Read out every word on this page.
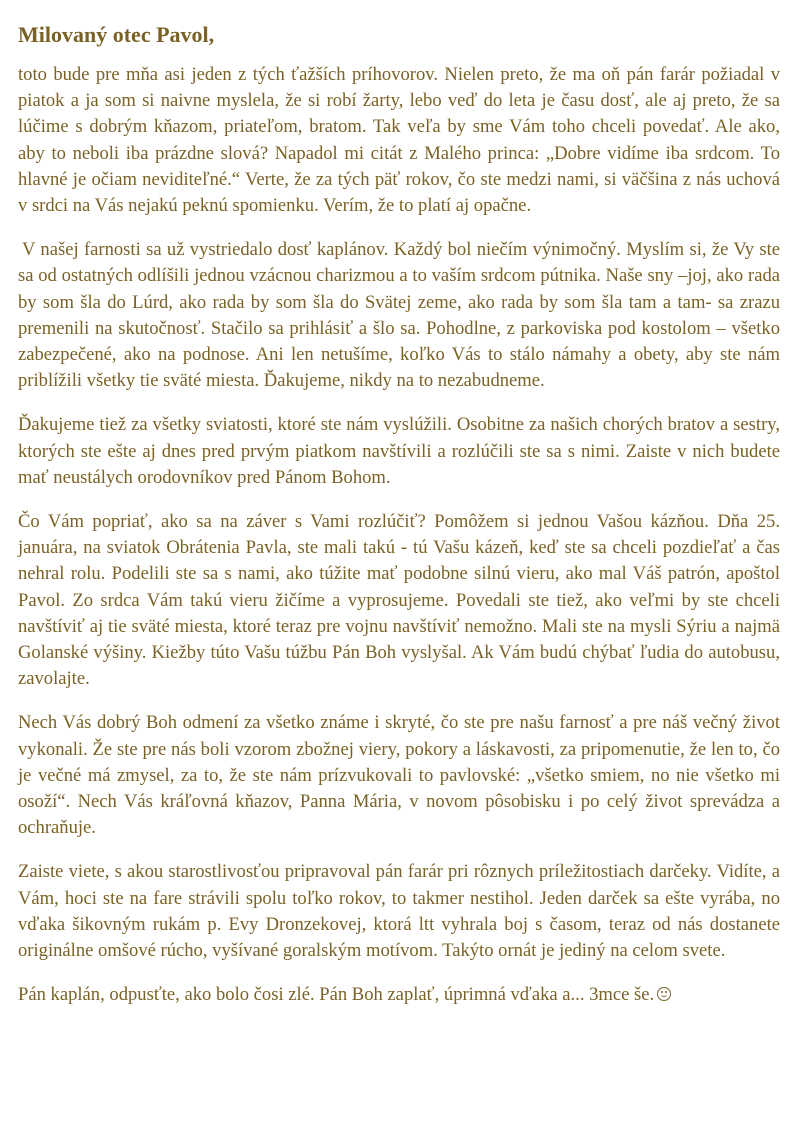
Milovaný otec Pavol,

toto bude pre mňa asi jeden z tých ťažších príhovorov. Nielen preto, že ma oň pán farár požiadal v piatok a ja som si naivne myslela, že si robí žarty, lebo veď do leta je času dosť, ale aj preto, že sa lúčime s dobrým kňazom, priateľom, bratom. Tak veľa by sme Vám toho chceli povedať. Ale ako, aby to neboli iba prázdne slová? Napadol mi citát z Malého princa: „Dobre vidíme iba srdcom. To hlavné je očiam neviditeľné.“ Verte, že za tých päť rokov, čo ste medzi nami, si väčšina z nás uchová v srdci na Vás nejakú peknú spomienku. Verím, že to platí aj opačne.

V našej farnosti sa už vystriedalo dosť kaplánov. Každý bol niečím výnimočný. Myslím si, že Vy ste sa od ostatných odlíšili jednou vzácnou charizmou a to vaším srdcom pútnika. Naše sny –joj, ako rada by som šla do Lúrd, ako rada by som šla do Svätej zeme, ako rada by som šla tam a tam- sa zrazu premenili na skutočnosť. Stačilo sa prihlásiť a šlo sa. Pohodlne, z parkoviska pod kostolom – všetko zabezpečené, ako na podnose. Ani len netušíme, koľko Vás to stálo námahy a obety, aby ste nám priblížili všetky tie sväté miesta. Ďakujeme, nikdy na to nezabudneme.

Ďakujeme tiež za všetky sviatosti, ktoré ste nám vyslúžili. Osobitne za našich chorých bratov a sestry, ktorých ste ešte aj dnes pred prvým piatkom navštívili a rozlúčili ste sa s nimi. Zaiste v nich budete mať neustálych orodovníkov pred Pánom Bohom.

Čo Vám popriať, ako sa na záver s Vami rozlúčiť? Pomôžem si jednou Vašou kázňou. Dňa 25. januára, na sviatok Obrátenia Pavla, ste mali takú - tú Vašu kázeň, keď ste sa chceli pozdieľať a čas nehral rolu. Podelili ste sa s nami, ako túžite mať podobne silnú vieru, ako mal Váš patrón, apoštol Pavol. Zo srdca Vám takú vieru žičíme a vyprosujeme. Povedali ste tiež, ako veľmi by ste chceli navštíviť aj tie sväté miesta, ktoré teraz pre vojnu navštíviť nemožno. Mali ste na mysli Sýriu a najmä Golanské výšiny. Kiežby túto Vašu túžbu Pán Boh vyslyšal. Ak Vám budú chýbať ľudia do autobusu, zavolajte.

Nech Vás dobrý Boh odmení za všetko známe i skryté, čo ste pre našu farnosť a pre náš večný život vykonali. Že ste pre nás boli vzorom zbožnej viery, pokory a láskavosti, za pripomenutie, že len to, čo je večné má zmysel, za to, že ste nám prízvukovali to pavlovské: „všetko smiem, no nie všetko mi osoží“. Nech Vás kráľovná kňazov, Panna Mária, v novom pôsobisku i po celý život sprevádza a ochraňuje.

Zaiste viete, s akou starostlivosťou pripravoval pán farár pri rôznych príležitostiach darčeky. Vidíte, a Vám, hoci ste na fare strávili spolu toľko rokov, to takmer nestihol. Jeden darček sa ešte vyrába, no vďaka šikovným rukám p. Evy Dronzekovej, ktorá ltt vyhrala boj s časom, teraz od nás dostanete originálne omšové rúcho, vyšívané goralským motívom. Takýto ornát je jediný na celom svete.

Pán kaplán, odpusťte, ako bolo čosi zlé. Pán Boh zaplať, úprimná vďaka a... 3mce še.
